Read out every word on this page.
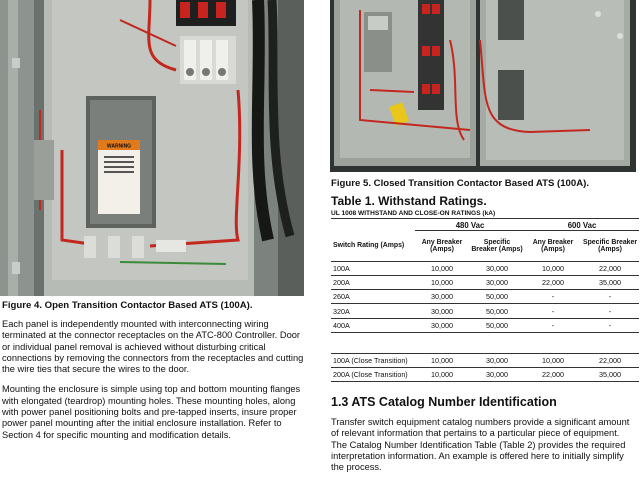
WARNING
Figure 4. Open Transition Contactor Based ATS (100A).

Each panel is independently mounted with interconnecting wiring terminated at the connector receptacles on the ATC-800 Controller. Door or individual panel removal is achieved without disturbing critical connections by removing the connectors from the receptacles and cutting the wire ties that secure the wires to the door.

Mounting the enclosure is simple using top and bottom mounting flanges with elongated (teardrop) mounting holes. These mounting holes, along with power panel positioning bolts and pre-tapped inserts, insure proper power panel mounting after the initial enclosure installation. Refer to Section 4 for specific mounting and modification details.

Figure 5. Closed Transition Contactor Based ATS (100A).
Table 1. Withstand Ratings.
UL 1008 WITHSTAND AND CLOSE-ON RATINGS (kA)
	480 Vac		600 Vac	
Switch Rating (Amps)	Any Breaker (Amps)	Specific Breaker (Amps)	Any Breaker (Amps)	Specific Breaker (Amps)
100A	10,000	30,000	10,000	22,000
200A	10,000	30,000	22,000	35,000
260A	30,000	50,000	-	-
320A	30,000	50,000	-	-
400A	30,000	50,000	-	-

100A (Close Transition)	10,000	30,000	10,000	22,000
200A (Close Transition)	10,000	30,000	22,000	35,000
1.3 ATS Catalog Number Identification
Transfer switch equipment catalog numbers provide a significant amount of relevant information that pertains to a particular piece of equipment. The Catalog Number Identification Table (Table 2) provides the required interpretation information. An example is offered here to initially simplify the process.
